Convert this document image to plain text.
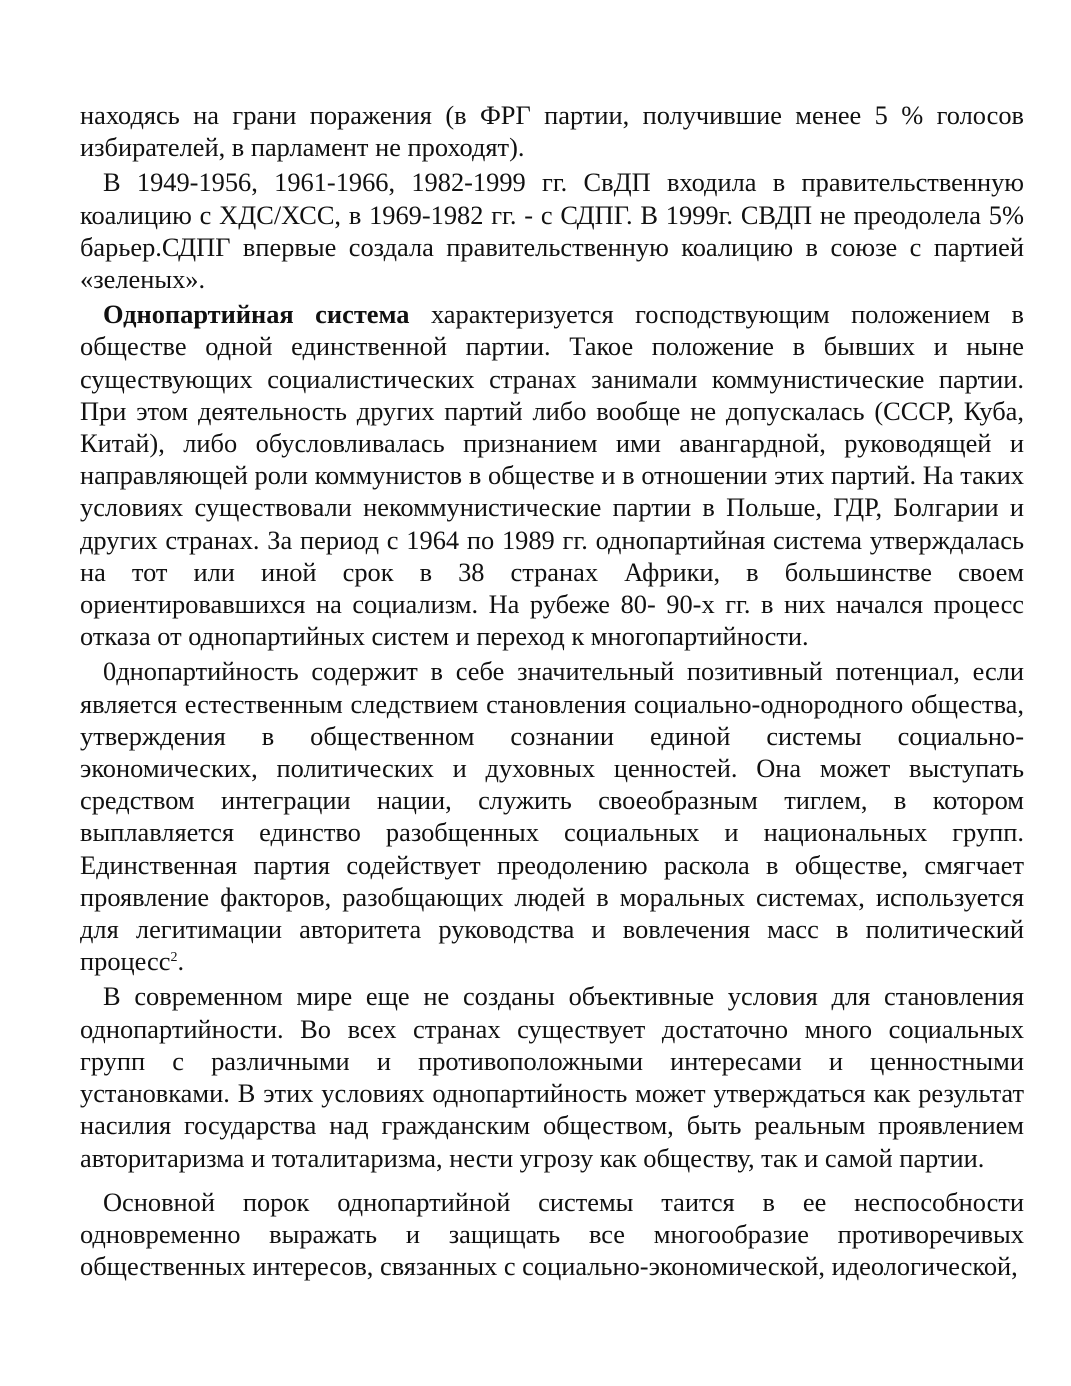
находясь на грани поражения (в ФРГ партии, получившие менее 5 % голосов избирателей, в парламент не проходят).

В 1949-1956, 1961-1966, 1982-1999 гг. СвДП входила в правительственную коалицию с ХДС/ХСС, в 1969-1982 гг. - с СДПГ. В 1999г. СВДП не преодолела 5% барьер.СДПГ впервые создала правительственную коалицию в союзе с партией «зеленых».

Однопартийная система характеризуется господствующим положением в обществе одной единственной партии. Такое положение в бывших и ныне существующих социалистических странах занимали коммунистические партии. При этом деятельность других партий либо вообще не допускалась (СССР, Куба, Китай), либо обусловливалась признанием ими авангардной, руководящей и направляющей роли коммунистов в обществе и в отношении этих партий. На таких условиях существовали некоммунистические партии в Польше, ГДР, Болгарии и других странах. За период с 1964 по 1989 гг. однопартийная система утверждалась на тот или иной срок в 38 странах Африки, в большинстве своем ориентировавшихся на социализм. На рубеже 80- 90-х гг. в них начался процесс отказа от однопартийных систем и переход к многопартийности.

0днопартийность содержит в себе значительный позитивный потенциал, если является естественным следствием становления социально-однородного общества, утверждения в общественном сознании единой системы социально-экономических, политических и духовных ценностей. Она может выступать средством интеграции нации, служить своеобразным тиглем, в котором выплавляется единство разобщенных социальных и национальных групп. Единственная партия содействует преодолению раскола в обществе, смягчает проявление факторов, разобщающих людей в моральных системах, используется для легитимации авторитета руководства и вовлечения масс в политический процесс$^2$.

В современном мире еще не созданы объективные условия для становления однопартийности. Во всех странах существует достаточно много социальных групп с различными и противоположными интересами и ценностными установками. В этих условиях однопартийность может утверждаться как результат насилия государства над гражданским обществом, быть реальным проявлением авторитаризма и тоталитаризма, нести угрозу как обществу, так и самой партии.

Основной порок однопартийной системы таится в ее неспособности одновременно выражать и защищать все многообразие противоречивых общественных интересов, связанных с социально-экономической, идеологической,
